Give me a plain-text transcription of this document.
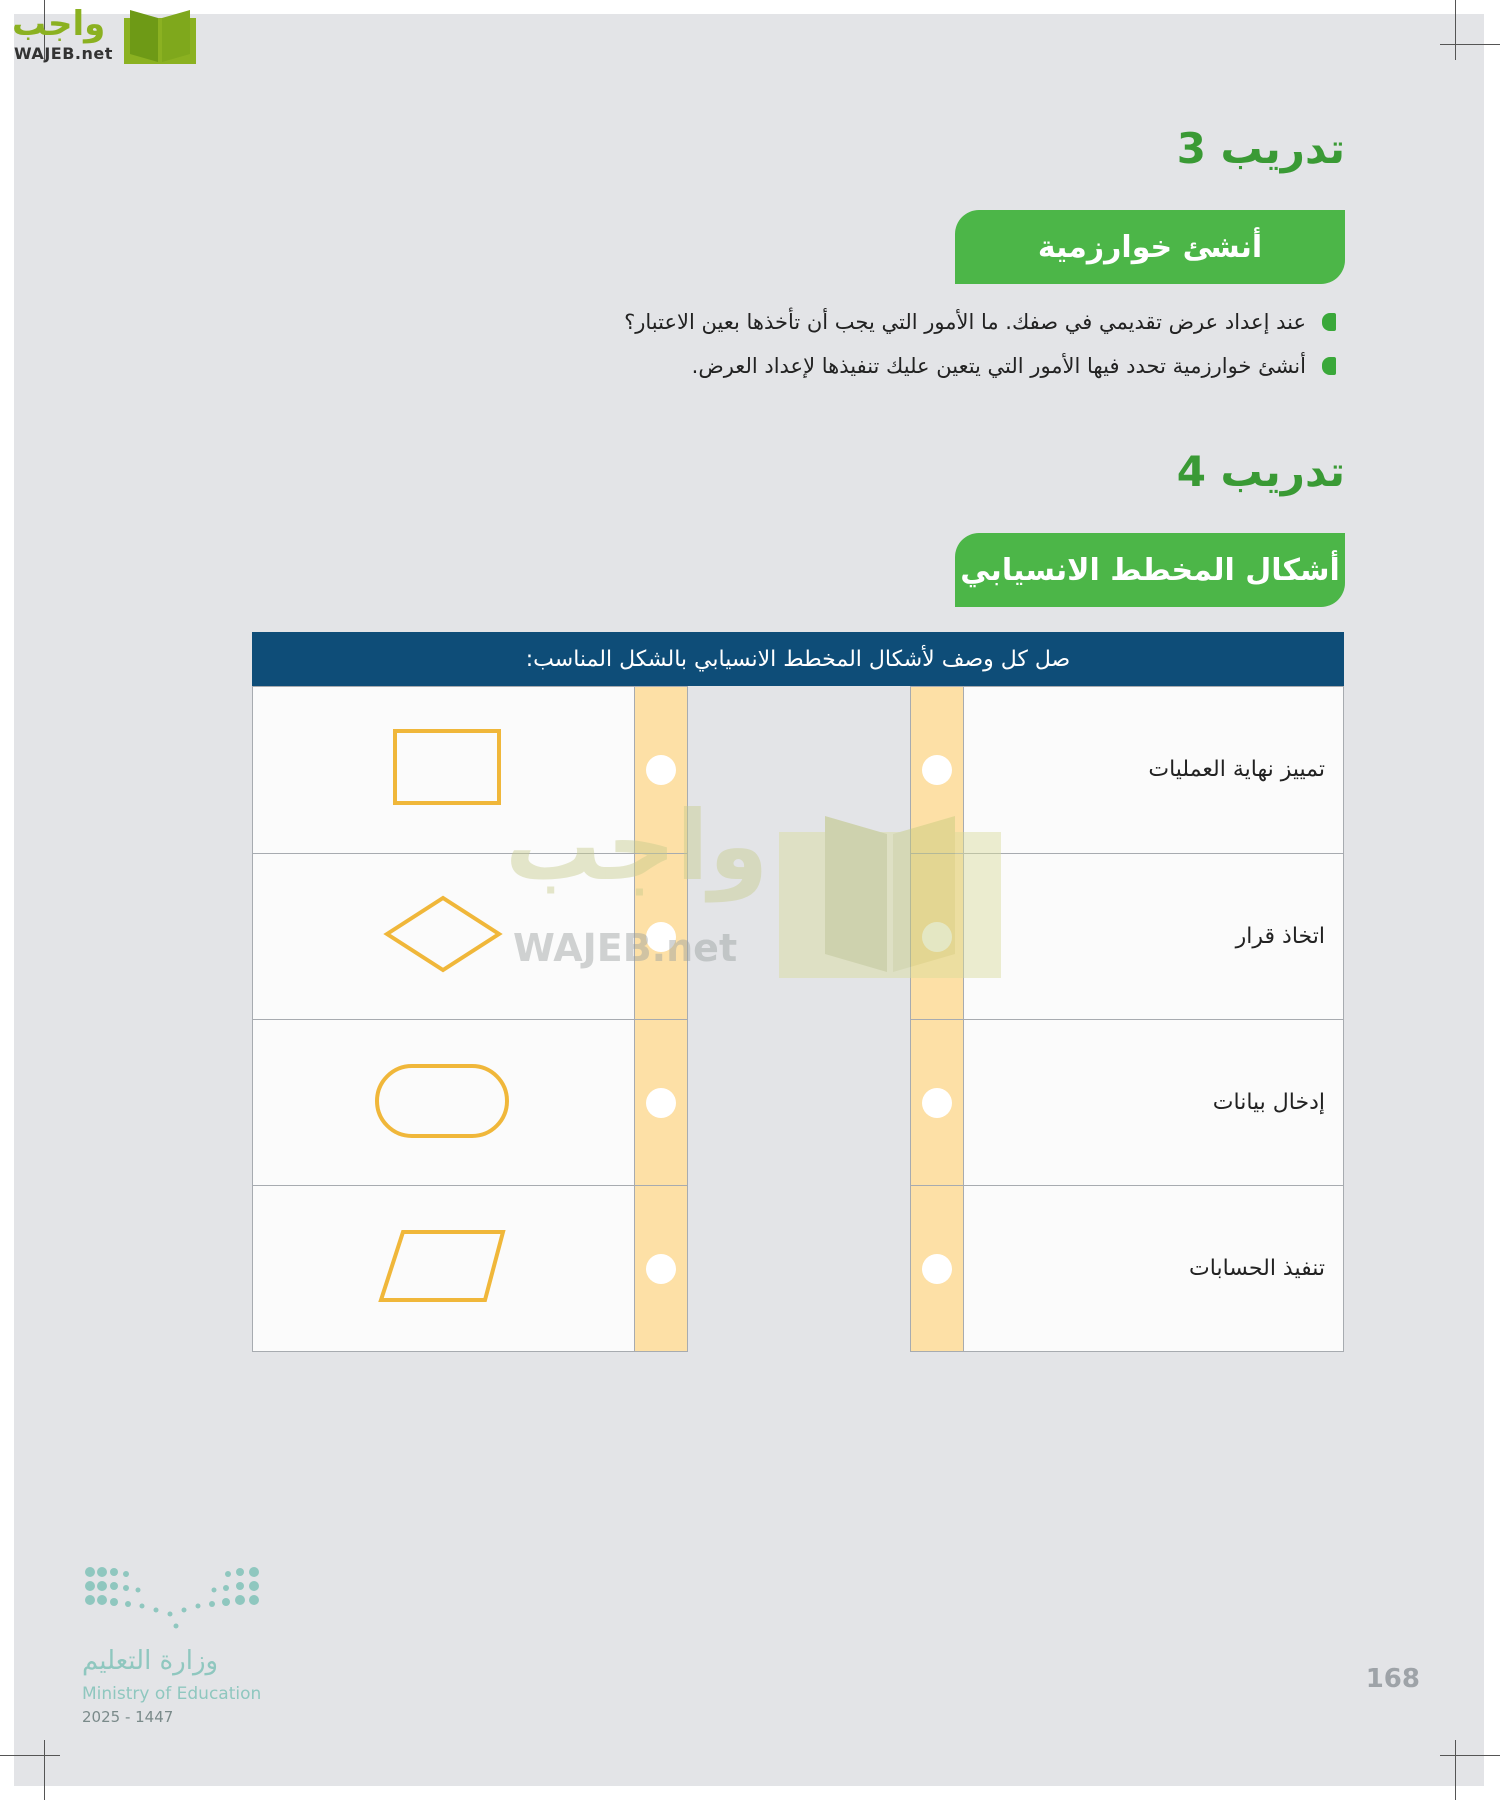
واجب
WAJEB.net
تدريب 3
أنشئ خوارزمية
عند إعداد عرض تقديمي في صفك. ما الأمور التي يجب أن تأخذها بعين الاعتبار؟
أنشئ خوارزمية تحدد فيها الأمور التي يتعين عليك تنفيذها لإعداد العرض.
تدريب 4
أشكال المخطط الانسيابي
صل كل وصف لأشكال المخطط الانسيابي بالشكل المناسب:
تمييز نهاية العمليات
اتخاذ قرار
إدخال بيانات
تنفيذ الحسابات
واجب
WAJEB.net
وزارة التعليم
Ministry of Education
2025 - 1447
168
